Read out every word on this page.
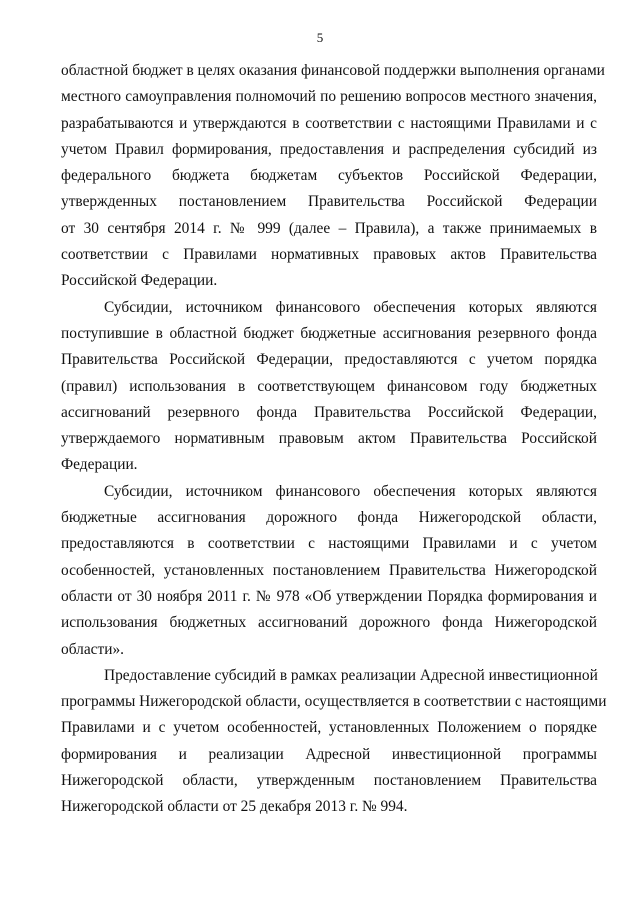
5

областной бюджет в целях оказания финансовой поддержки выполнения органами
местного самоуправления полномочий по решению вопросов местного значения,
разрабатываются и утверждаются в соответствии с настоящими Правилами и с
учетом Правил формирования, предоставления и распределения субсидий из
федерального бюджета бюджетам субъектов Российской Федерации,
утвержденных постановлением Правительства Российской Федерации
от 30 сентября 2014 г. № 999 (далее – Правила), а также принимаемых в
соответствии с Правилами нормативных правовых актов Правительства
Российской Федерации.

Субсидии, источником финансового обеспечения которых являются
поступившие в областной бюджет бюджетные ассигнования резервного фонда
Правительства Российской Федерации, предоставляются с учетом порядка
(правил) использования в соответствующем финансовом году бюджетных
ассигнований резервного фонда Правительства Российской Федерации,
утверждаемого нормативным правовым актом Правительства Российской
Федерации.

Субсидии, источником финансового обеспечения которых являются
бюджетные ассигнования дорожного фонда Нижегородской области,
предоставляются в соответствии с настоящими Правилами и с учетом
особенностей, установленных постановлением Правительства Нижегородской
области от 30 ноября 2011 г. № 978 «Об утверждении Порядка формирования и
использования бюджетных ассигнований дорожного фонда Нижегородской
области».

Предоставление субсидий в рамках реализации Адресной инвестиционной
программы Нижегородской области, осуществляется в соответствии с настоящими
Правилами и с учетом особенностей, установленных Положением о порядке
формирования и реализации Адресной инвестиционной программы
Нижегородской области, утвержденным постановлением Правительства
Нижегородской области от 25 декабря 2013 г. № 994.
